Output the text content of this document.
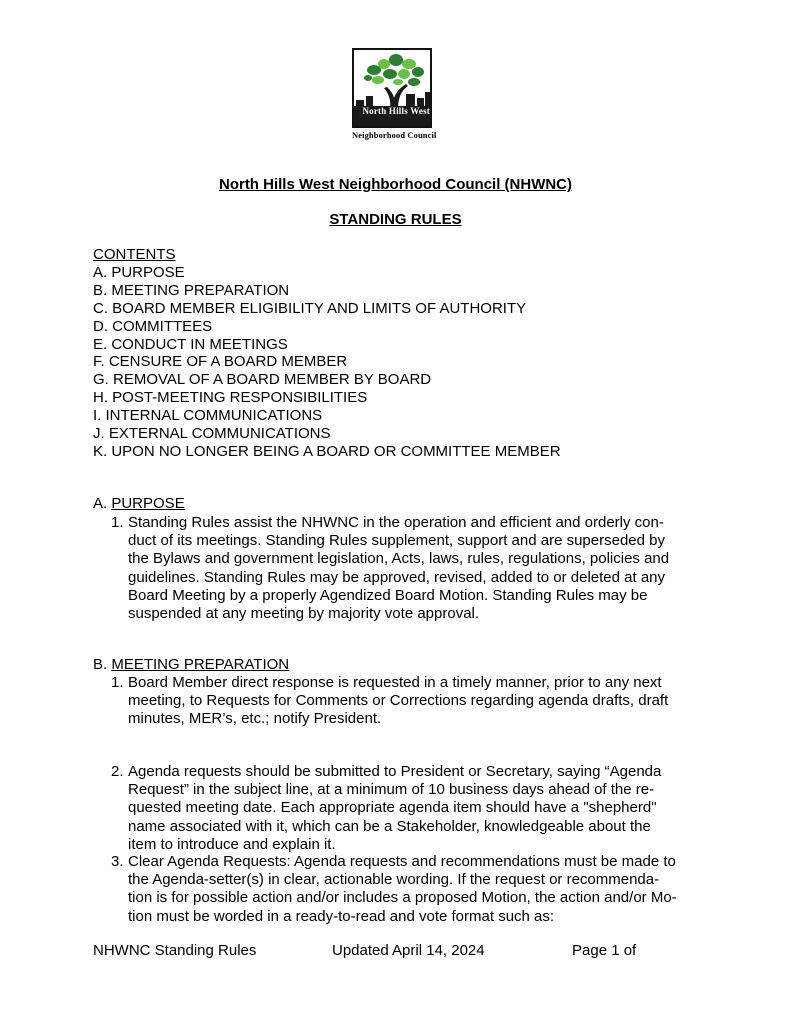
North Hills West
Neighborhood Council
North Hills West Neighborhood Council (NHWNC)
STANDING RULES
CONTENTS
A. PURPOSE
B. MEETING PREPARATION
C. BOARD MEMBER ELIGIBILITY AND LIMITS OF AUTHORITY
D. COMMITTEES
E. CONDUCT IN MEETINGS
F. CENSURE OF A BOARD MEMBER
G. REMOVAL OF A BOARD MEMBER BY BOARD
H. POST-MEETING RESPONSIBILITIES
I. INTERNAL COMMUNICATIONS
J. EXTERNAL COMMUNICATIONS
K. UPON NO LONGER BEING A BOARD OR COMMITTEE MEMBER
A. PURPOSE
1. Standing Rules assist the NHWNC in the operation and efficient and orderly con-
duct of its meetings. Standing Rules supplement, support and are superseded by
the Bylaws and government legislation, Acts, laws, rules, regulations, policies and
guidelines. Standing Rules may be approved, revised, added to or deleted at any
Board Meeting by a properly Agendized Board Motion. Standing Rules may be
suspended at any meeting by majority vote approval.
B. MEETING PREPARATION
1. Board Member direct response is requested in a timely manner, prior to any next
meeting, to Requests for Comments or Corrections regarding agenda drafts, draft
minutes, MER’s, etc.; notify President.
2. Agenda requests should be submitted to President or Secretary, saying “Agenda
Request” in the subject line, at a minimum of 10 business days ahead of the re-
quested meeting date. Each appropriate agenda item should have a "shepherd"
name associated with it, which can be a Stakeholder, knowledgeable about the
item to introduce and explain it.
3. Clear Agenda Requests: Agenda requests and recommendations must be made to
the Agenda-setter(s) in clear, actionable wording. If the request or recommenda-
tion is for possible action and/or includes a proposed Motion, the action and/or Mo-
tion must be worded in a ready-to-read and vote format such as:
NHWNC Standing Rules	Updated April 14, 2024	Page 1 of
